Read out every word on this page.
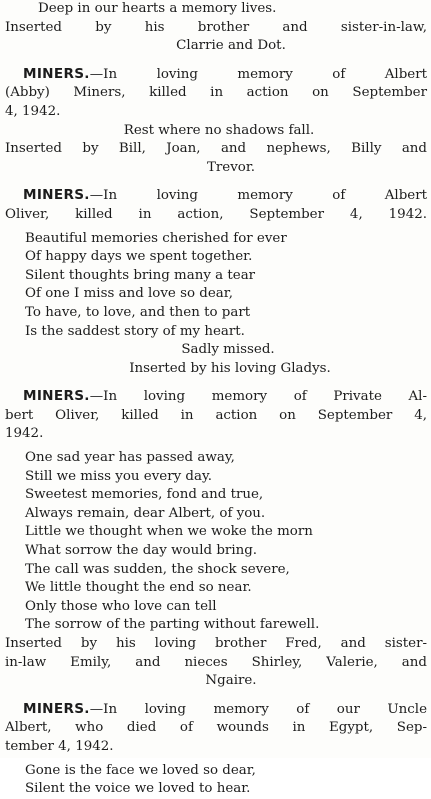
Deep in our hearts a memory lives.
Inserted by his brother and sister-in-law,
Clarrie and Dot.
MINERS.—In loving memory of Albert
(Abby) Miners, killed in action on September
4, 1942.
Rest where no shadows fall.
Inserted by Bill, Joan, and nephews, Billy and
Trevor.
MINERS.—In loving memory of Albert
Oliver, killed in action, September 4, 1942.
Beautiful memories cherished for ever
Of happy days we spent together.
Silent thoughts bring many a tear
Of one I miss and love so dear,
To have, to love, and then to part
Is the saddest story of my heart.
Sadly missed.
Inserted by his loving Gladys.
MINERS.—In loving memory of Private Al-
bert Oliver, killed in action on September 4,
1942.
One sad year has passed away,
Still we miss you every day.
Sweetest memories, fond and true,
Always remain, dear Albert, of you.
Little we thought when we woke the morn
What sorrow the day would bring.
The call was sudden, the shock severe,
We little thought the end so near.
Only those who love can tell
The sorrow of the parting without farewell.
Inserted by his loving brother Fred, and sister-
in-law Emily, and nieces Shirley, Valerie, and
Ngaire.
MINERS.—In loving memory of our Uncle
Albert, who died of wounds in Egypt, Sep-
tember 4, 1942.
Gone is the face we loved so dear,
Silent the voice we loved to hear.
